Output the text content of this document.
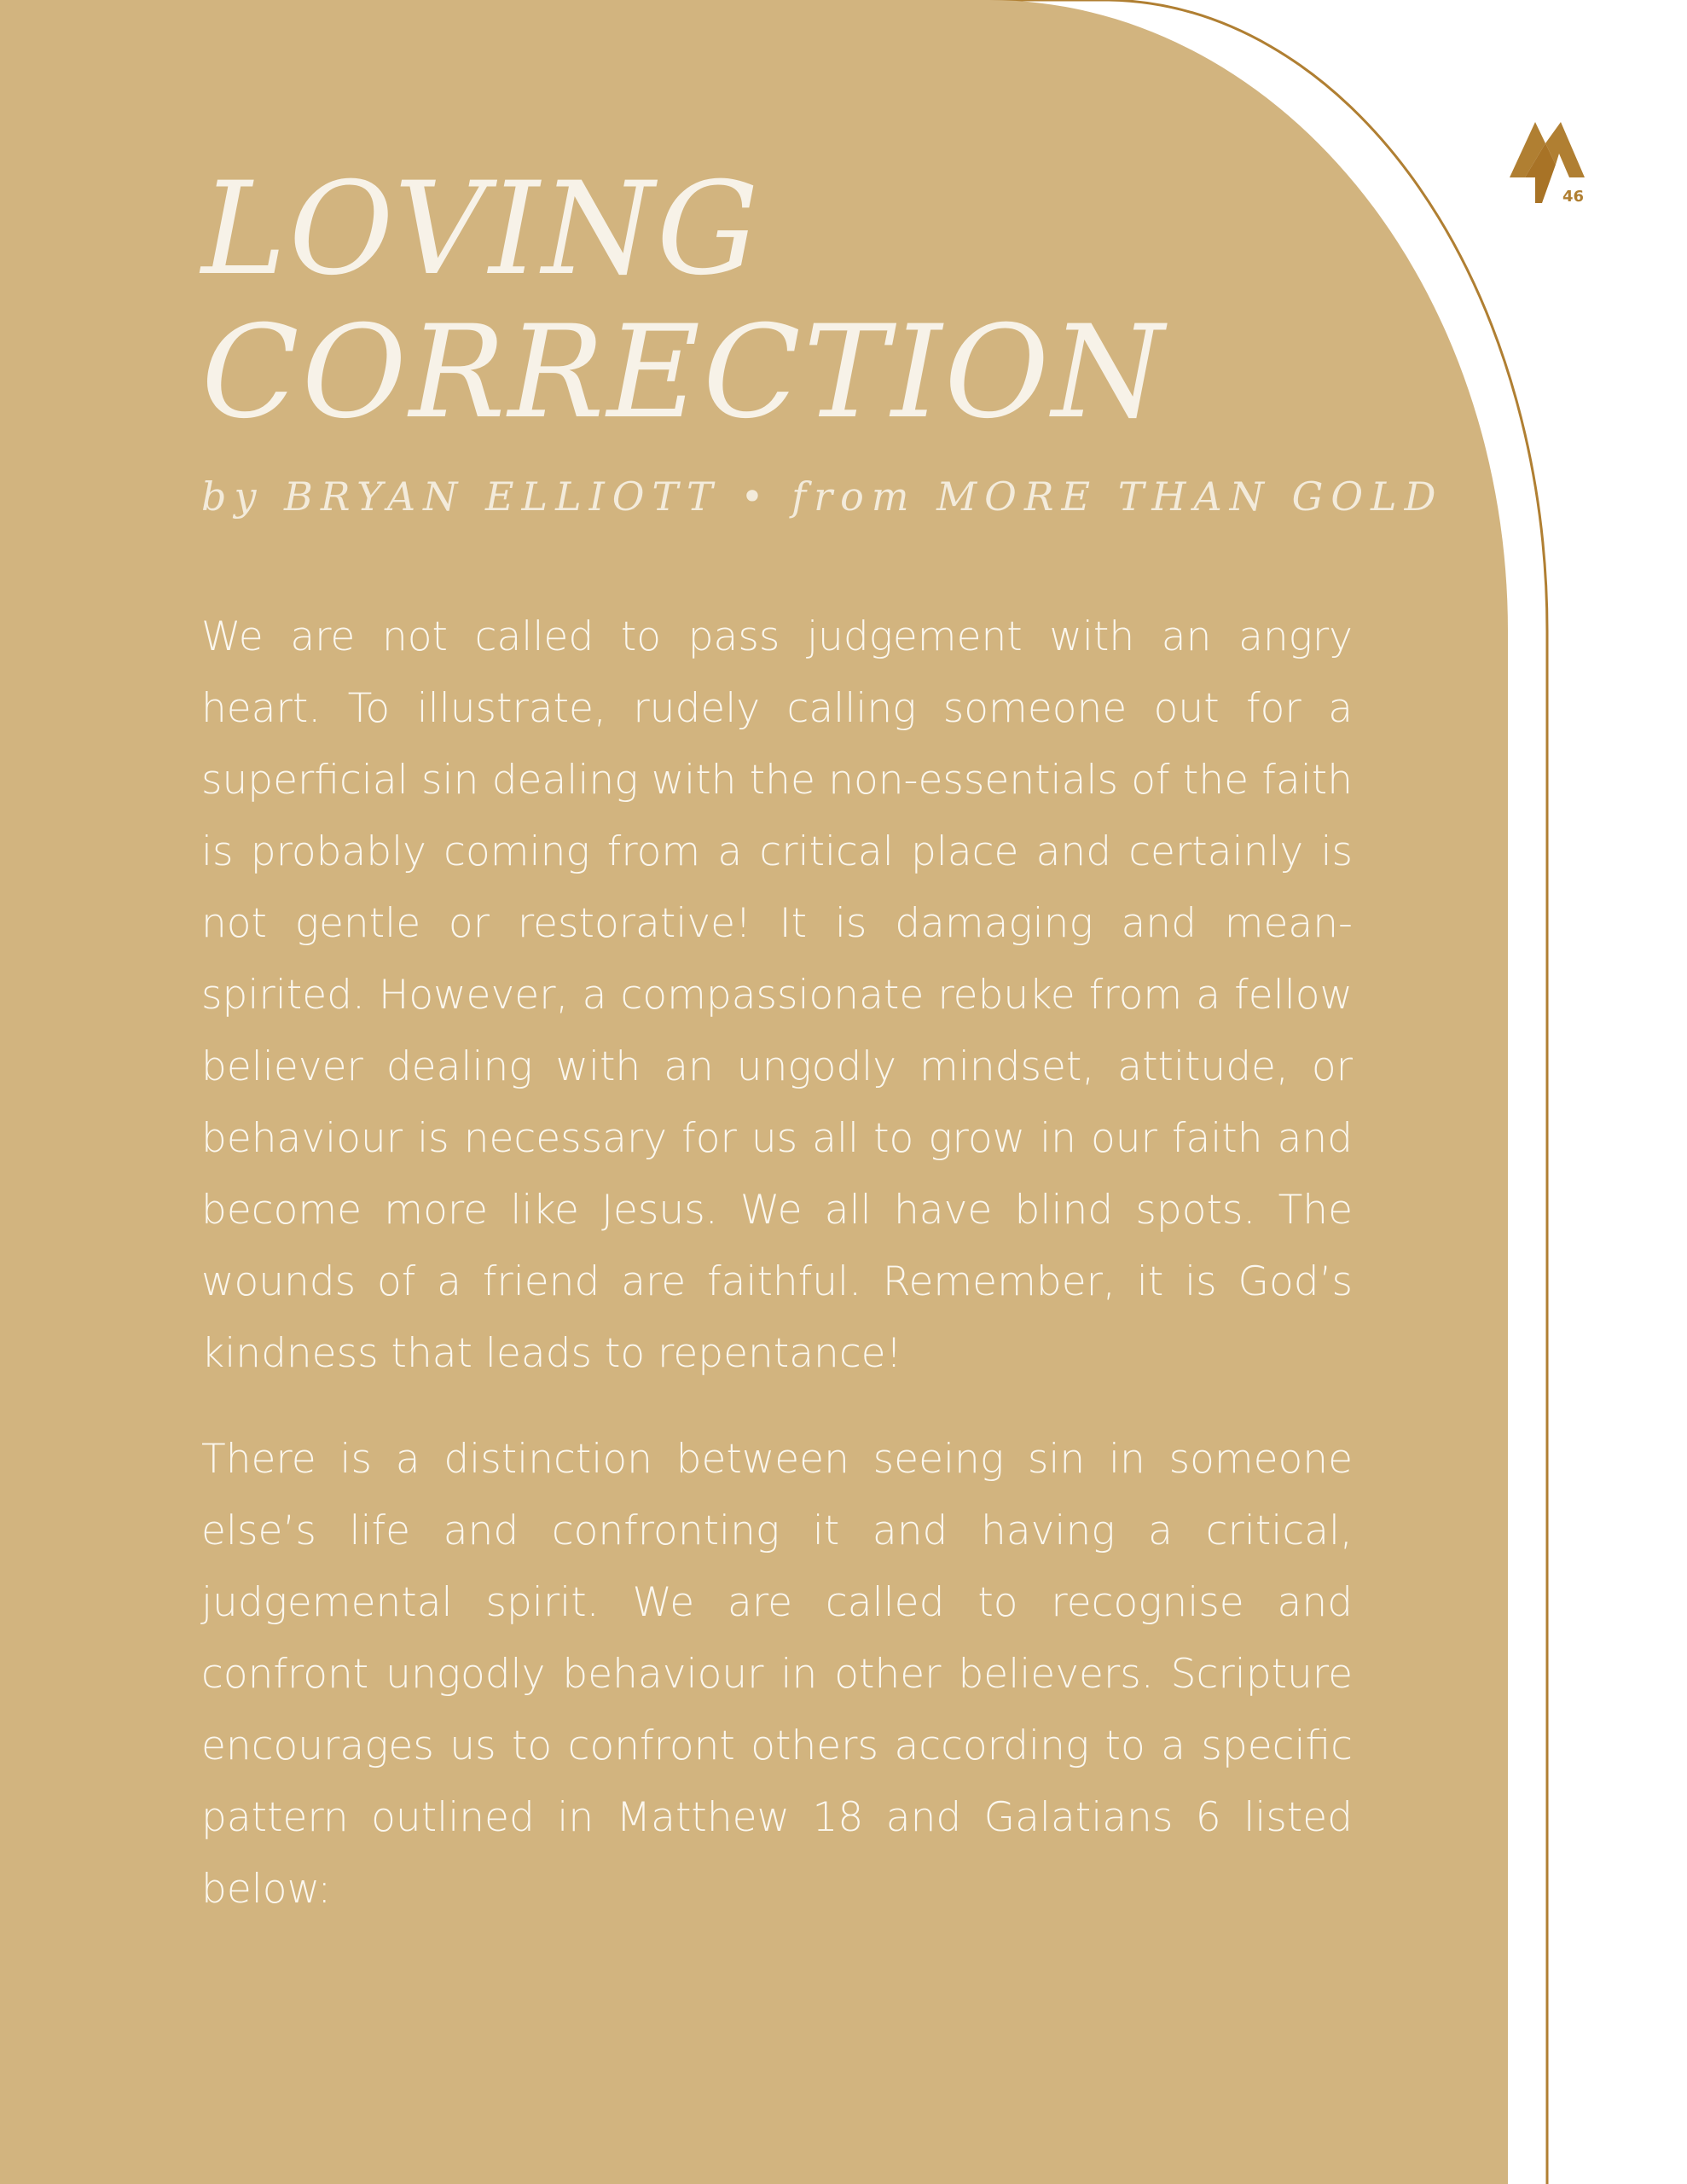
46
LOVING
CORRECTION
by BRYAN ELLIOTT • from MORE THAN GOLD

We are not called to pass judgement with an angry heart. To illustrate, rudely calling someone out for a superficial sin dealing with the non-essentials of the faith is probably coming from a critical place and certainly is not gentle or restorative! It is damaging and mean-spirited. However, a compassionate rebuke from a fellow believer dealing with an ungodly mindset, attitude, or behaviour is necessary for us all to grow in our faith and become more like Jesus. We all have blind spots. The wounds of a friend are faithful. Remember, it is God’s kindness that leads to repentance!

There is a distinction between seeing sin in someone else’s life and confronting it and having a critical, judgemental spirit. We are called to recognise and confront ungodly behaviour in other believers. Scripture encourages us to confront others according to a specific pattern outlined in Matthew 18 and Galatians 6 listed below:
